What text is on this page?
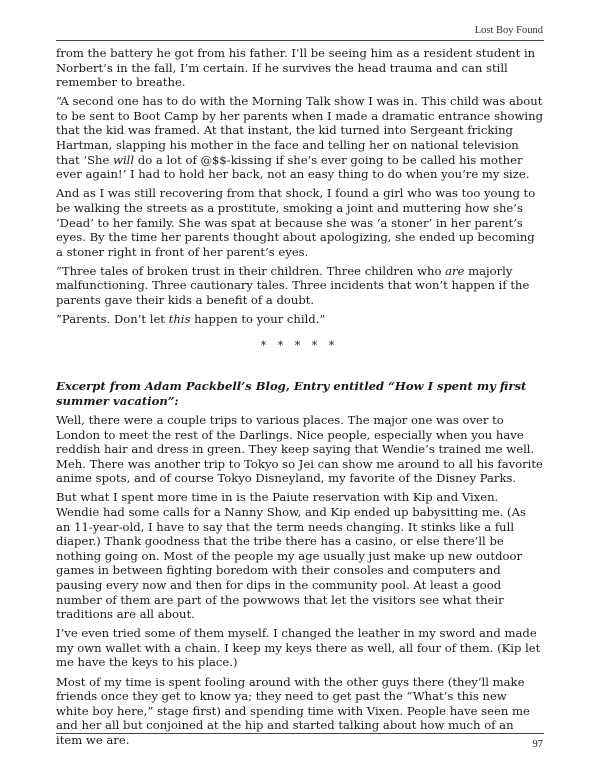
Lost Boy Found

from the battery he got from his father. I’ll be seeing him as a resident student in Norbert’s in the fall, I’m certain. If he survives the head trauma and can still remember to breathe.

“A second one has to do with the Morning Talk show I was in. This child was about to be sent to Boot Camp by her parents when I made a dramatic entrance showing that the kid was framed. At that instant, the kid turned into Sergeant fricking Hartman, slapping his mother in the face and telling her on national television that ‘She will do a lot of @$$-kissing if she’s ever going to be called his mother ever again!’ I had to hold her back, not an easy thing to do when you’re my size.

And as I was still recovering from that shock, I found a girl who was too young to be walking the streets as a prostitute, smoking a joint and muttering how she’s ‘Dead’ to her family. She was spat at because she was ‘a stoner’ in her parent’s eyes. By the time her parents thought about apologizing, she ended up becoming a stoner right in front of her parent’s eyes.

“Three tales of broken trust in their children. Three children who are majorly malfunctioning. Three cautionary tales. Three incidents that won’t happen if the parents gave their kids a benefit of a doubt.

“Parents. Don’t let this happen to your child.”

* * * * *

Excerpt from Adam Packbell’s Blog, Entry entitled “How I spent my first summer vacation”:

Well, there were a couple trips to various places. The major one was over to London to meet the rest of the Darlings. Nice people, especially when you have reddish hair and dress in green. They keep saying that Wendie’s trained me well. Meh. There was another trip to Tokyo so Jei can show me around to all his favorite anime spots, and of course Tokyo Disneyland, my favorite of the Disney Parks.

But what I spent more time in is the Paiute reservation with Kip and Vixen. Wendie had some calls for a Nanny Show, and Kip ended up babysitting me. (As an 11-year-old, I have to say that the term needs changing. It stinks like a full diaper.) Thank goodness that the tribe there has a casino, or else there’ll be nothing going on. Most of the people my age usually just make up new outdoor games in between fighting boredom with their consoles and computers and pausing every now and then for dips in the community pool. At least a good number of them are part of the powwows that let the visitors see what their traditions are all about.

I’ve even tried some of them myself. I changed the leather in my sword and made my own wallet with a chain. I keep my keys there as well, all four of them. (Kip let me have the keys to his place.)

Most of my time is spent fooling around with the other guys there (they’ll make friends once they get to know ya; they need to get past the “What’s this new white boy here,” stage first) and spending time with Vixen. People have seen me and her all but conjoined at the hip and started talking about how much of an item we are.	97
